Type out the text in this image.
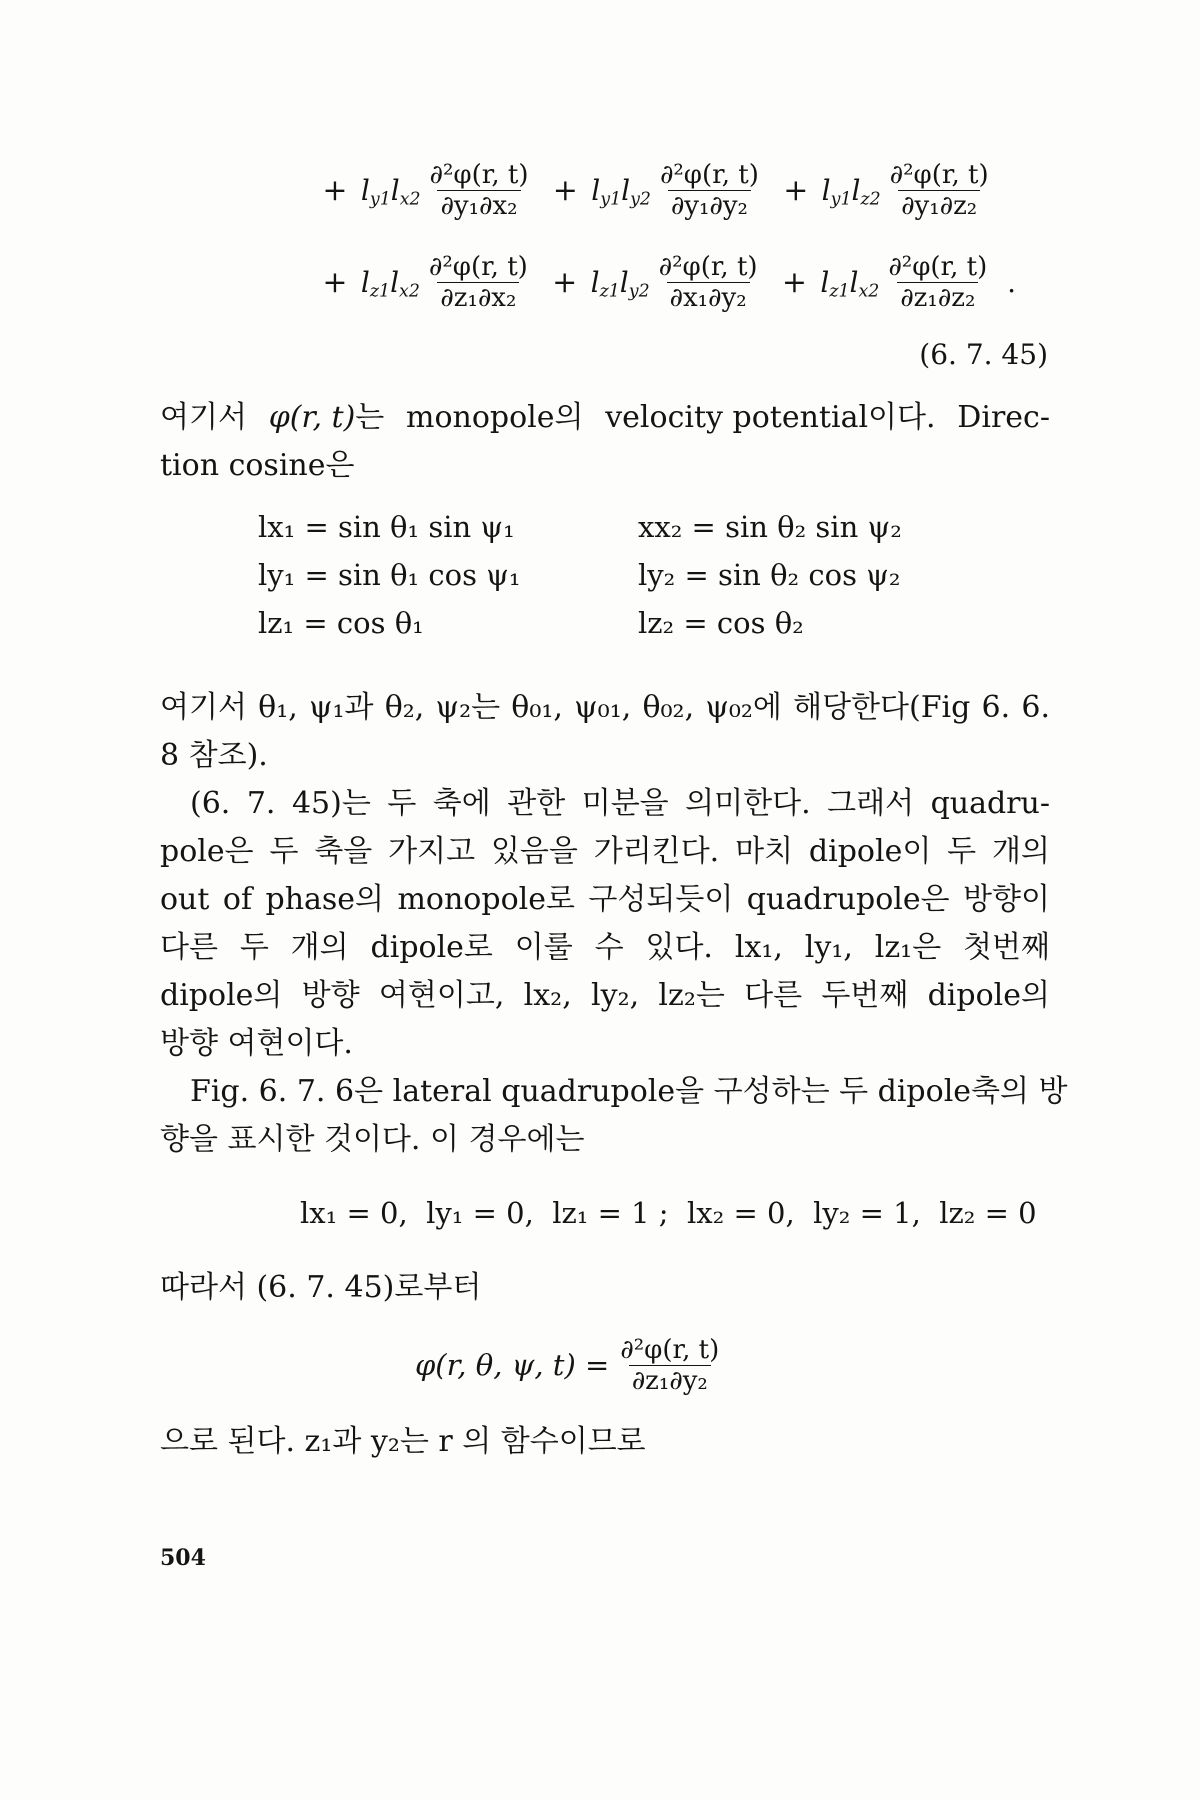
+ $l_{y1}l_{x2} \frac{\text{∂²φ(r, t)}}{\text{∂y₁∂x₂}} + l_{y1}l_{y2} \frac{\text{∂²φ(r, t)}}{\text{∂y₁∂y₂}} + l_{y1}l_{z2} \frac{\text{∂²φ(r, t)}}{\text{∂y₁∂z₂}}$
+ $l_{z1}l_{x2} \frac{\text{∂²φ(r, t)}}{\text{∂z₁∂x₂}} + l_{z1}l_{y2} \frac{\text{∂²φ(r, t)}}{\text{∂x₁∂y₂}} + l_{z1}l_{x2} \frac{\text{∂²φ(r, t)}}{\text{∂z₁∂z₂}}$ .
(6. 7. 45)
여기서 φ(r, t)는 monopole의 velocity potential이다. Direc-
tion cosine은
lx₁ = sin θ₁ sin ψ₁	xx₂ = sin θ₂ sin ψ₂
ly₁ = sin θ₁ cos ψ₁	ly₂ = sin θ₂ cos ψ₂
lz₁ = cos θ₁	lz₂ = cos θ₂
여기서 θ₁, ψ₁과 θ₂, ψ₂는 θ₀₁, ψ₀₁, θ₀₂, ψ₀₂에 해당한다(Fig 6. 6.
8 참조).
(6. 7. 45)는 두 축에 관한 미분을 의미한다. 그래서 quadru-
pole은 두 축을 가지고 있음을 가리킨다. 마치 dipole이 두 개의
out of phase의 monopole로 구성되듯이 quadrupole은 방향이
다른 두 개의 dipole로 이룰 수 있다. lx₁, ly₁, lz₁은 첫번째
dipole의 방향 여현이고, lx₂, ly₂, lz₂는 다른 두번째 dipole의
방향 여현이다.
Fig. 6. 7. 6은 lateral quadrupole을 구성하는 두 dipole축의 방
향을 표시한 것이다. 이 경우에는
lx₁ = 0,  ly₁ = 0,  lz₁ = 1 ;  lx₂ = 0,  ly₂ = 1,  lz₂ = 0
따라서 (6. 7. 45)로부터
φ(r, θ, ψ, $t) = \frac{\text{∂²φ(r, t)}}{\text{∂z₁∂y₂}}$
으로 된다. z₁과 y₂는 r 의 함수이므로
504
